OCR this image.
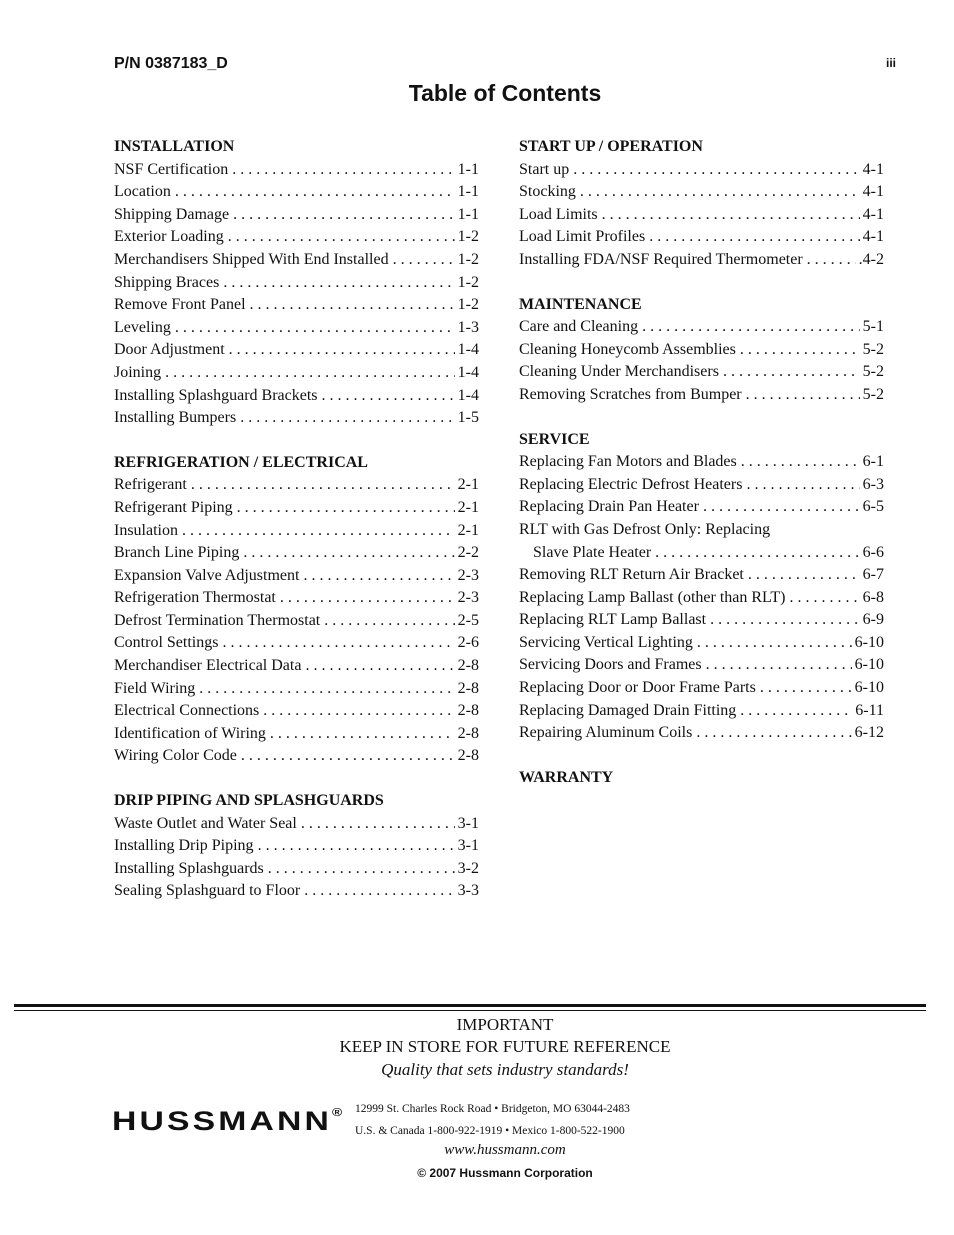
P/N 0387183_D	iii
Table of Contents
INSTALLATION
NSF Certification . . .	1-1
Location . . .	1-1
Shipping Damage . . .	1-1
Exterior Loading . . .	1-2
Merchandisers Shipped With End Installed . . .	1-2
Shipping Braces . . .	1-2
Remove Front Panel . . .	1-2
Leveling . . .	1-3
Door Adjustment . . .	1-4
Joining . . .	1-4
Installing Splashguard Brackets . . .	1-4
Installing Bumpers . . .	1-5
REFRIGERATION / ELECTRICAL
Refrigerant . . .	2-1
Refrigerant Piping . . .	2-1
Insulation . . .	2-1
Branch Line Piping . . .	2-2
Expansion Valve Adjustment . . .	2-3
Refrigeration Thermostat . . .	2-3
Defrost Termination Thermostat . . .	2-5
Control Settings . . .	2-6
Merchandiser Electrical Data . . .	2-8
Field Wiring . . .	2-8
Electrical Connections . . .	2-8
Identification of Wiring . . .	2-8
Wiring Color Code . . .	2-8
DRIP PIPING AND SPLASHGUARDS
Waste Outlet and Water Seal . . .	3-1
Installing Drip Piping . . .	3-1
Installing Splashguards . . .	3-2
Sealing Splashguard to Floor . . .	3-3
START UP / OPERATION
Start up . . .	4-1
Stocking . . .	4-1
Load Limits . . .	4-1
Load Limit Profiles . . .	4-1
Installing FDA/NSF Required Thermometer . . .	.4-2
MAINTENANCE
Care and Cleaning . . .	5-1
Cleaning Honeycomb Assemblies . . .	5-2
Cleaning Under Merchandisers . . .	5-2
Removing Scratches from Bumper . . .	5-2
SERVICE
Replacing Fan Motors and Blades . . .	6-1
Replacing Electric Defrost Heaters . . .	6-3
Replacing Drain Pan Heater . . .	6-5
RLT with Gas Defrost Only: Replacing
Slave Plate Heater . . .	6-6
Removing RLT Return Air Bracket . . .	6-7
Replacing Lamp Ballast (other than RLT) . . .	6-8
Replacing RLT Lamp Ballast . . .	6-9
Servicing Vertical Lighting . . .	6-10
Servicing Doors and Frames . . .	6-10
Replacing Door or Door Frame Parts . . .	6-10
Replacing Damaged Drain Fitting . . .	6-11
Repairing Aluminum Coils . . .	6-12
WARRANTY
IMPORTANT
KEEP IN STORE FOR FUTURE REFERENCE
Quality that sets industry standards!
HUSSMANN® 12999 St. Charles Rock Road • Bridgeton, MO 63044-2483
U.S. & Canada 1-800-922-1919 • Mexico 1-800-522-1900
www.hussmann.com
© 2007 Hussmann Corporation
